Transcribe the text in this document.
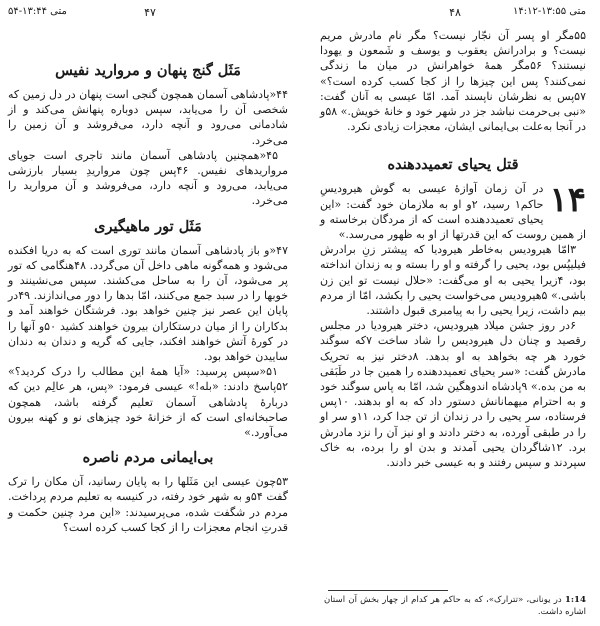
متی ۱۳:۵۵-۱۴:۱۲
۴۸

۵۵مگر او پسر آن نجّار نیست؟ مگر نام مادرش مریم نیست؟ و برادرانش یعقوب و یوسف و شَمعون و یهودا نیستند؟ ۵۶مگر همهٔ خواهرانش در میان ما زندگی نمی‌کنند؟ پس این چیزها را از کجا کسب کرده است؟» ۵۷پس به نظرشان ناپسند آمد. امّا عیسی به آنان گفت: «نبی بی‌حرمت نباشد جز در شهر خود و خانهٔ خویش.» ۵۸و در آنجا به‌علت بی‌ایمانی ایشان، معجزات زیادی نکرد.

قتل یحیای تعمیددهنده
۱۴

در آن زمان آوازهٔ عیسی به گوش هیرودیسِ حاکم۱ رسید، ۲و او به ملازمان خود گفت: «این یحیای تعمیددهنده است که از مردگان برخاسته و از همین روست که این قدرتها از او به ظهور می‌رسد.»

۳امّا هیرودیس به‌خاطر هیرودیا که پیشتر زنِ برادرش فیلیپُس بود، یحیی را گرفته و او را بسته و به زندان انداخته بود، ۴زیرا یحیی به او می‌گفت: «حلال نیست تو این زن باشی.» ۵هیرودیس می‌خواست یحیی را بکشد، امّا از مردم بیم داشت، زیرا یحیی را به پیامبری قبول داشتند.

۶در روز جشن میلاد هیرودیس، دختر هیرودیا در مجلس رقصید و چنان دل هیرودیس را شاد ساخت ۷که سوگند خورد هر چه بخواهد به او بدهد. ۸دختر نیز به تحریک مادرش گفت: «سر یحیای تعمیددهنده را همین جا در طَبَقی به من بده.» ۹پادشاه اندوهگین شد، امّا به پاس سوگند خود و به احترام میهمانانش دستور داد که به او بدهند. ۱۰پس فرستاده، سر یحیی را در زندان از تن جدا کرد، ۱۱و سر او را در طبقی آورده، به دختر دادند و او نیز آن را نزد مادرش برد. ۱۲شاگردان یحیی آمدند و بدن او را برده، به خاک سپردند و سپس رفتند و به عیسی خبر دادند.

1:14 در یونانی، «تترارک»، که به حاکم هر کدام از چهار بخش آن استان اشاره داشت.
۴۷
متی ۱۳:۴۴-۵۴
مَثَل گنج پنهان و مروارید نفیس

۴۴«پادشاهی آسمان همچون گنجی است پنهان در دل زمین که شخصی آن را می‌یابد، سپس دوباره پنهانش می‌کند و از شادمانی می‌رود و آنچه دارد، می‌فروشد و آن زمین را می‌خرد.

۴۵«همچنین پادشاهی آسمان مانند تاجری است جویای مرواریدهای نفیس. ۴۶پس چون مرواریدِ بسیار بارزشی می‌یابد، می‌رود و آنچه دارد، می‌فروشد و آن مروارید را می‌خرد.

مَثَل تور ماهیگیری

۴۷«و باز پادشاهی آسمان مانند توری است که به دریا افکنده می‌شود و همه‌گونه ماهی داخل آن می‌گردد. ۴۸هنگامی که تور پر می‌شود، آن را به ساحل می‌کشند. سپس می‌نشینند و خوبها را در سبد جمع می‌کنند، امّا بدها را دور می‌اندازند. ۴۹در پایان این عصر نیز چنین خواهد بود. فرشتگان خواهند آمد و بدکاران را از میان درستکاران بیرون خواهند کشید ۵۰و آنها را در کورهٔ آتش خواهند افکند، جایی که گریه و دندان به دندان ساییدن خواهد بود.

۵۱«سپس پرسید: «آیا همهٔ این مطالب را درک کردید؟» ۵۲پاسخ دادند: «بله!» عیسی فرمود: «پس، هر عالِم دین که دربارهٔ پادشاهی آسمان تعلیم گرفته باشد، همچون صاحبخانه‌ای است که از خزانهٔ خود چیزهای نو و کهنه بیرون می‌آورد.»

بی‌ایمانی مردم ناصره

۵۳چون عیسی این مَثَلها را به پایان رسانید، آن مکان را ترک گفت ۵۴و به شهر خود رفته، در کنیسه به تعلیم مردم پرداخت. مردم در شگفت شده، می‌پرسیدند: «این مرد چنین حکمت و قدرتِ انجام معجزات را از کجا کسب کرده است؟
